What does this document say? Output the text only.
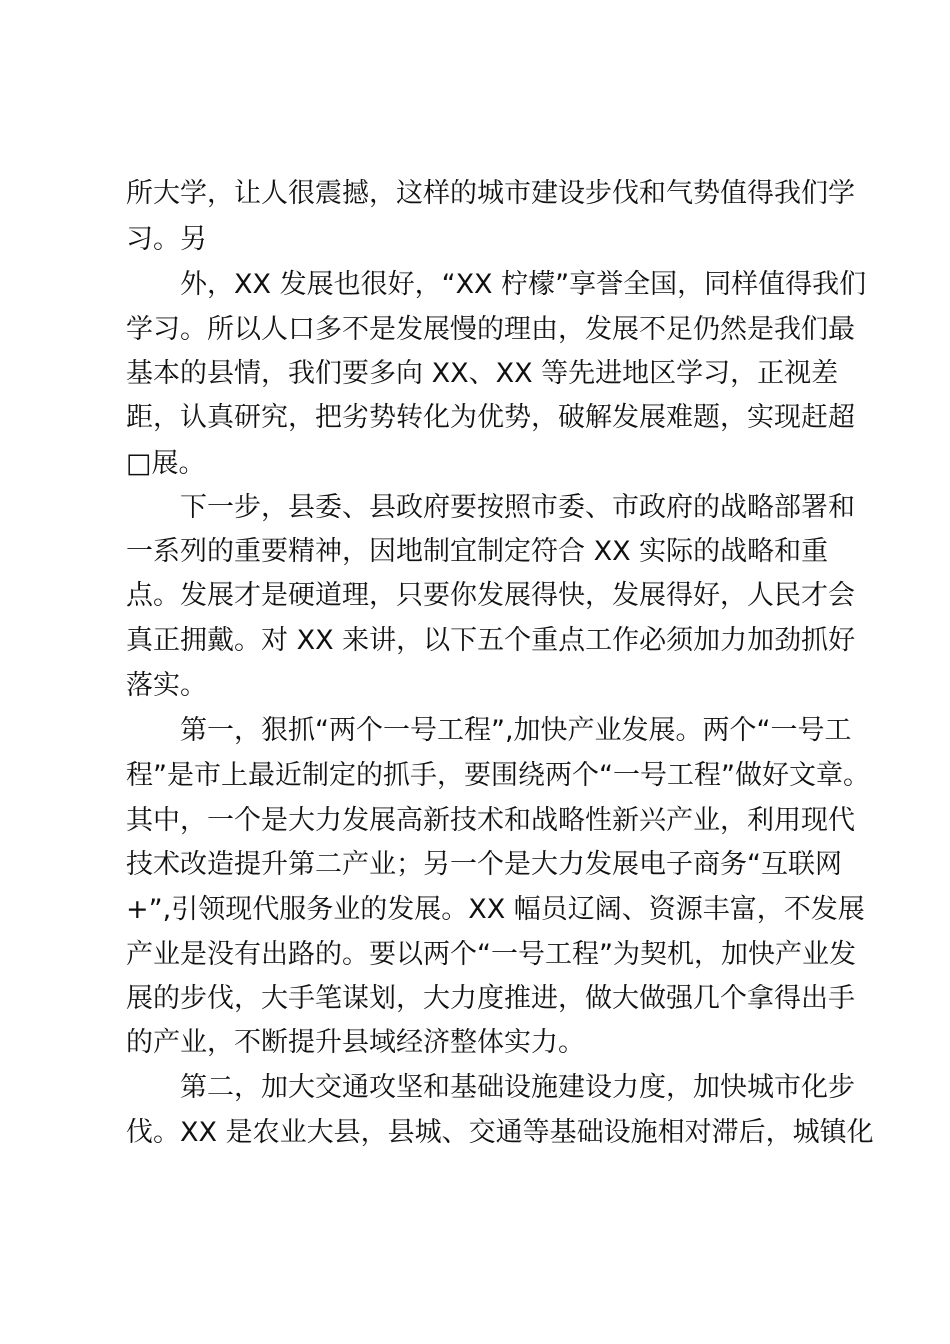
所大学，让人很震撼，这样的城市建设步伐和气势值得我们学

习。另

外，XX 发展也很好，“XX 柠檬”享誉全国，同样值得我们

学习。所以人口多不是发展慢的理由，发展不足仍然是我们最

基本的县情，我们要多向 XX、XX 等先进地区学习，正视差

距，认真研究，把劣势转化为优势，破解发展难题，实现赶超

□展。

下一步，县委、县政府要按照市委、市政府的战略部署和

一系列的重要精神，因地制宜制定符合 XX 实际的战略和重

点。发展才是硬道理，只要你发展得快，发展得好，人民才会

真正拥戴。对 XX 来讲，以下五个重点工作必须加力加劲抓好

落实。

第一，狠抓“两个一号工程”,加快产业发展。两个“一号工

程”是市上最近制定的抓手，要围绕两个“一号工程”做好文章。

其中，一个是大力发展高新技术和战略性新兴产业，利用现代

技术改造提升第二产业；另一个是大力发展电子商务“互联网

+”,引领现代服务业的发展。XX 幅员辽阔、资源丰富，不发展

产业是没有出路的。要以两个“一号工程”为契机，加快产业发

展的步伐，大手笔谋划，大力度推进，做大做强几个拿得出手

的产业，不断提升县域经济整体实力。

第二，加大交通攻坚和基础设施建设力度，加快城市化步

伐。XX 是农业大县，县城、交通等基础设施相对滞后，城镇化
